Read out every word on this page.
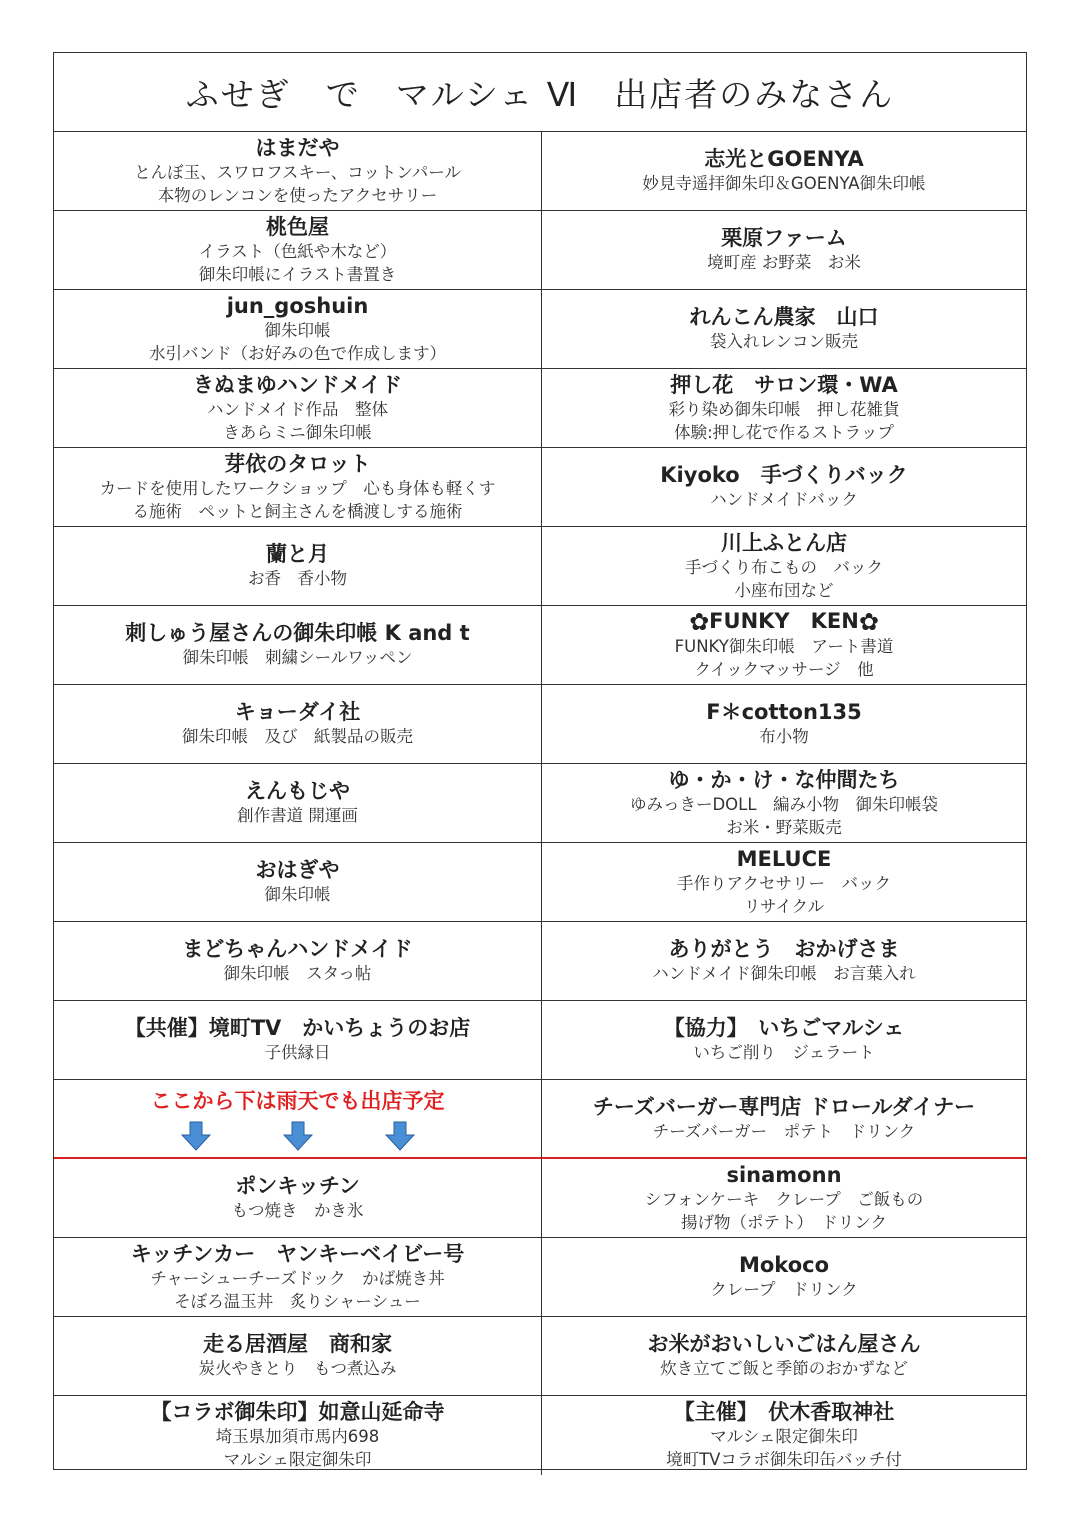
ふせぎ　で　マルシェ Ⅵ　出店者のみなさん
はまだや
とんぼ玉、スワロフスキー、コットンパール
本物のレンコンを使ったアクセサリー
志光とGOENYA
妙見寺遥拝御朱印＆GOENYA御朱印帳
桃色屋
イラスト（色紙や木など）
御朱印帳にイラスト書置き
栗原ファーム
境町産 お野菜　お米
jun_goshuin
御朱印帳
水引バンド（お好みの色で作成します）
れんこん農家　山口
袋入れレンコン販売
きぬまゆハンドメイド
ハンドメイド作品　整体
きあらミニ御朱印帳
押し花　サロン環・WA
彩り染め御朱印帳　押し花雑貨
体験:押し花で作るストラップ
芽依のタロット
カードを使用したワークショップ　心も身体も軽くす
る施術　ペットと飼主さんを橋渡しする施術
Kiyoko　手づくりバック
ハンドメイドバック
蘭と月
お香　香小物
川上ふとん店
手づくり布こもの　バック
小座布団など
刺しゅう屋さんの御朱印帳 K and t
御朱印帳　刺繍シールワッペン
✿FUNKY　KEN✿
FUNKY御朱印帳　アート書道
クイックマッサージ　他
キョーダイ社
御朱印帳　及び　紙製品の販売
F＊cotton135
布小物
えんもじや
創作書道 開運画
ゆ・か・け・な仲間たち
ゆみっきーDOLL　編み小物　御朱印帳袋
お米・野菜販売
おはぎや
御朱印帳
MELUCE
手作りアクセサリー　バック
リサイクル
まどちゃんハンドメイド
御朱印帳　スタっ帖
ありがとう　おかげさま
ハンドメイド御朱印帳　お言葉入れ
【共催】境町TV　かいちょうのお店
子供縁日
【協力】　いちごマルシェ
いちご削り　ジェラート
ここから下は雨天でも出店予定	チーズバーガー専門店 ドロールダイナー
チーズバーガー　ポテト　ドリンク
ポンキッチン
もつ焼き　かき氷
sinamonn
シフォンケーキ　クレープ　ご飯もの
揚げ物（ポテト）　ドリンク
キッチンカー　ヤンキーベイビー号
チャーシューチーズドック　かば焼き丼
そぼろ温玉丼　炙りシャーシュー
Mokoco
クレープ　ドリンク
走る居酒屋　商和家
炭火やきとり　もつ煮込み
お米がおいしいごはん屋さん
炊き立てご飯と季節のおかずなど
【コラボ御朱印】如意山延命寺
埼玉県加須市馬内698
マルシェ限定御朱印
【主催】　伏木香取神社
マルシェ限定御朱印
境町TVコラボ御朱印缶バッチ付
